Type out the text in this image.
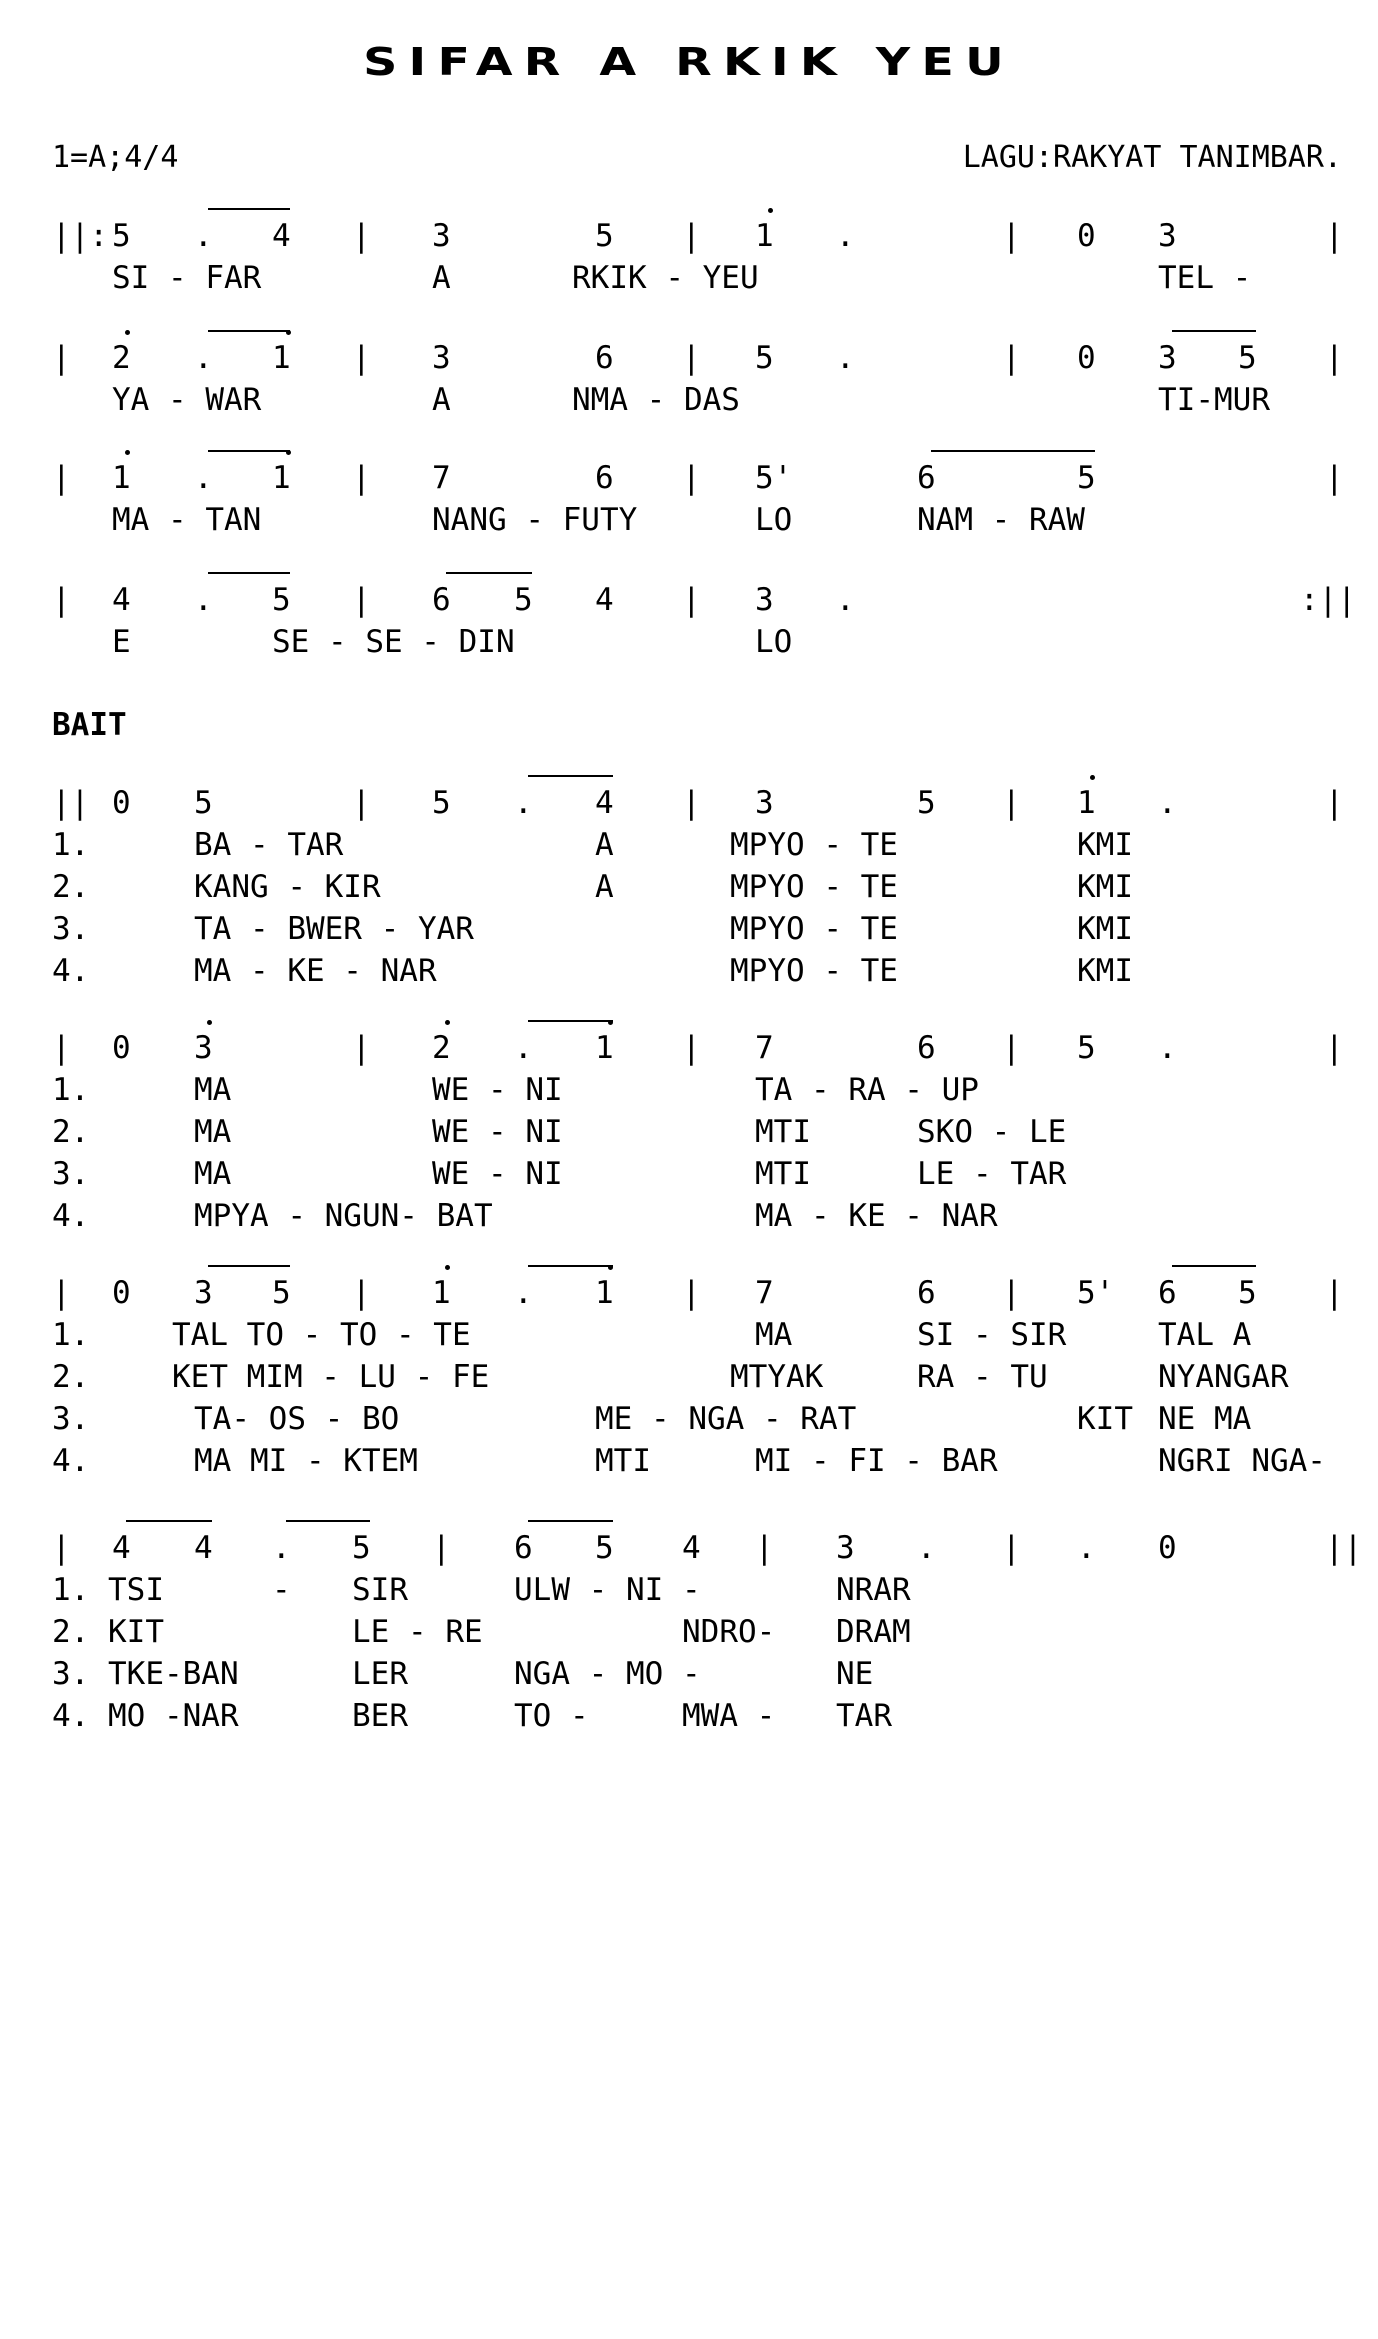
SIFAR A RKIK YEU
1=A;4/4	LAGU:RAKYAT TANIMBAR.
BAIT
||: 5 . 4 | 3	5 | 1 .	| 0 3	|
SI - FAR	A	RKIK - YEU	TEL -
| 2 . 1 | 3	6 | 5 .	| 0 3 5 |
YA - WAR	A	NMA - DAS	TI-MUR
| 1 . 1 | 7	6 | 5'	6	5	|
MA - TAN	NANG - FUTY	LO	NAM - RAW
| 4 . 5 | 6 5 4 | 3 .	:||
E	SE - SE - DIN	LO
|| 0 5	| 5 . 4 | 3	5 | 1 .	|
1.	BA - TAR	A	MPYO - TE	KMI
2.	KANG - KIR	A	MPYO - TE	KMI
3.	TA - BWER - YAR	MPYO - TE	KMI
4.	MA - KE - NAR	MPYO - TE	KMI
| 0 3	| 2 . 1 | 7	6 | 5 .	|
1.	MA	WE - NI	TA - RA - UP
2.	MA	WE - NI	MTI	SKO - LE
3.	MA	WE - NI	MTI	LE - TAR
4.	MPYA - NGUN- BAT	MA - KE - NAR
| 0 3 5 | 1 . 1 | 7	6 | 5' 6 5 |
1.	TAL TO - TO - TE	MA	SI - SIR	TAL A
2.	KET MIM - LU - FE	MTYAK	RA - TU	NYANGAR
3.	TA- OS - BO	ME - NGA - RAT	KIT NE MA
4.	MA MI - KTEM	MTI	MI - FI - BAR	NGRI NGA-
| 4 4 . 5 | 6 5 4 | 3 . | . 0	||
1. TSI	- SIR	ULW - NI -	NRAR
2. KIT	LE - RE	NDRO- DRAM
3. TKE-BAN	LER	NGA - MO -	NE
4. MO -NAR	BER	TO -	MWA - TAR
